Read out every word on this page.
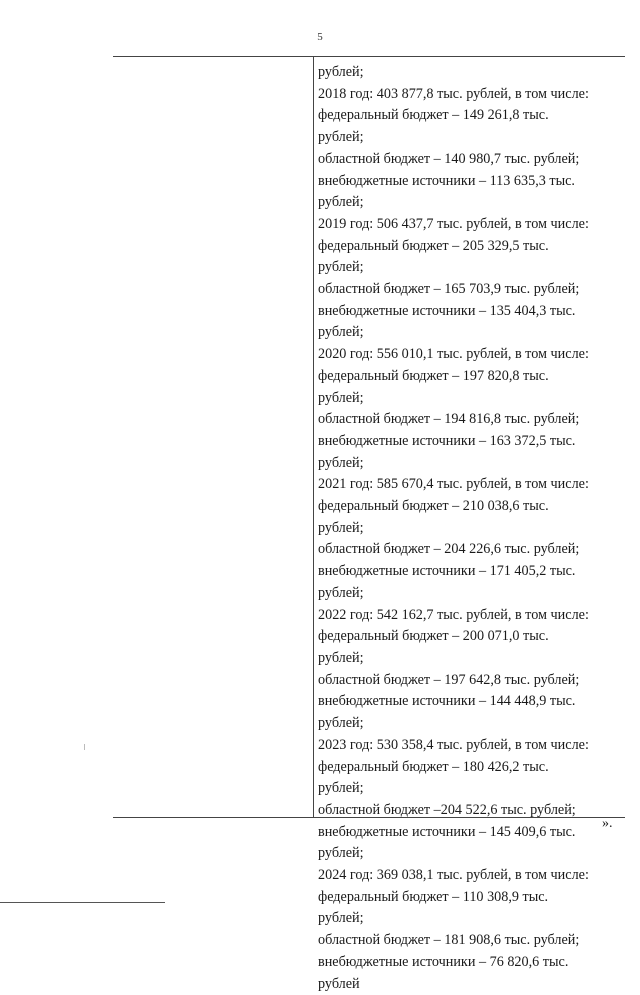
5
рублей;
2018 год: 403 877,8 тыс. рублей, в том числе:
федеральный бюджет – 149 261,8 тыс.
рублей;
областной бюджет – 140 980,7 тыс. рублей;
внебюджетные источники – 113 635,3 тыс.
рублей;
2019 год: 506 437,7 тыс. рублей, в том числе:
федеральный бюджет – 205 329,5 тыс.
рублей;
областной бюджет – 165 703,9 тыс. рублей;
внебюджетные источники – 135 404,3 тыс.
рублей;
2020 год: 556 010,1 тыс. рублей, в том числе:
федеральный бюджет – 197 820,8 тыс.
рублей;
областной бюджет – 194 816,8 тыс. рублей;
внебюджетные источники – 163 372,5 тыс.
рублей;
2021 год: 585 670,4 тыс. рублей, в том числе:
федеральный бюджет – 210 038,6 тыс.
рублей;
областной бюджет – 204 226,6 тыс. рублей;
внебюджетные источники – 171 405,2 тыс.
рублей;
2022 год: 542 162,7 тыс. рублей, в том числе:
федеральный бюджет – 200 071,0 тыс.
рублей;
областной бюджет – 197 642,8 тыс. рублей;
внебюджетные источники – 144 448,9 тыс.
рублей;
2023 год: 530 358,4 тыс. рублей, в том числе:
федеральный бюджет – 180 426,2 тыс.
рублей;
областной бюджет –204 522,6 тыс. рублей;
внебюджетные источники – 145 409,6 тыс.
рублей;
2024 год: 369 038,1 тыс. рублей, в том числе:
федеральный бюджет – 110 308,9 тыс.
рублей;
областной бюджет – 181 908,6 тыс. рублей;
внебюджетные источники – 76 820,6 тыс.
рублей
».
